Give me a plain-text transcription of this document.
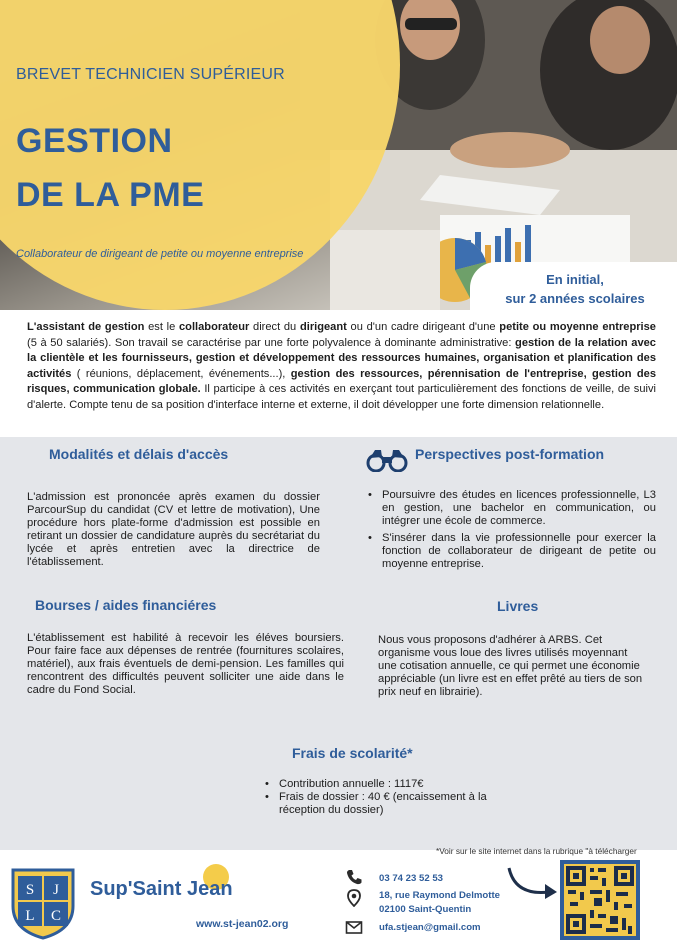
BREVET TECHNICIEN SUPÉRIEUR
GESTION
DE LA PME
Collaborateur de dirigeant de petite ou moyenne entreprise
En initial,
sur 2 années scolaires

L'assistant de gestion est le collaborateur direct du dirigeant ou d'un cadre dirigeant d'une petite ou moyenne entreprise (5 à 50 salariés). Son travail se caractérise par une forte polyvalence à dominante administrative: gestion de la relation avec la clientèle et les fournisseurs, gestion et développement des ressources humaines, organisation et planification des activités ( réunions, déplacement, événements...), gestion des ressources, pérennisation de l'entreprise, gestion des risques, communication globale. Il participe à ces activités en exerçant tout particulièrement des fonctions de veille, de suivi d'alerte. Compte tenu de sa position d'interface interne et externe, il doit développer une forte dimension relationnelle.

Modalités et délais d'accès

L'admission est prononcée après examen du dossier ParcourSup du candidat (CV et lettre de motivation), Une procédure hors plate-forme d'admission est possible en retirant un dossier de candidature auprès du secrétariat du lycée et après entretien avec la directrice de l'établissement.

Perspectives post-formation
• Poursuivre des études en licences professionnelle, L3 en gestion, une bachelor en communication, ou intégrer une école de commerce.
• S'insérer dans la vie professionnelle pour exercer la fonction de collaborateur de dirigeant de petite ou moyenne entreprise.
Bourses / aides financiéres

L'établissement est habilité à recevoir les éléves boursiers. Pour faire face aux dépenses de rentrée (fournitures scolaires, matériel), aux frais éventuels de demi-pension. Les familles qui rencontrent des difficultés peuvent solliciter une aide dans le cadre du Fond Social.

Livres

Nous vous proposons d'adhérer à ARBS. Cet organisme vous loue des livres utilisés moyennant une cotisation annuelle, ce qui permet une économie appréciable (un livre est en effet prêté au tiers de son prix neuf en librairie).

Frais de scolarité*
• Contribution annuelle : 1117€
• Frais de dossier : 40 € (encaissement à la réception du dossier)
*Voir sur le site internet dans la rubrique "à télécharger
S J
L C
Sup'Saint Jean
www.st-jean02.org
03 74 23 52 53
18, rue Raymond Delmotte
02100 Saint-Quentin
ufa.stjean@gmail.com
